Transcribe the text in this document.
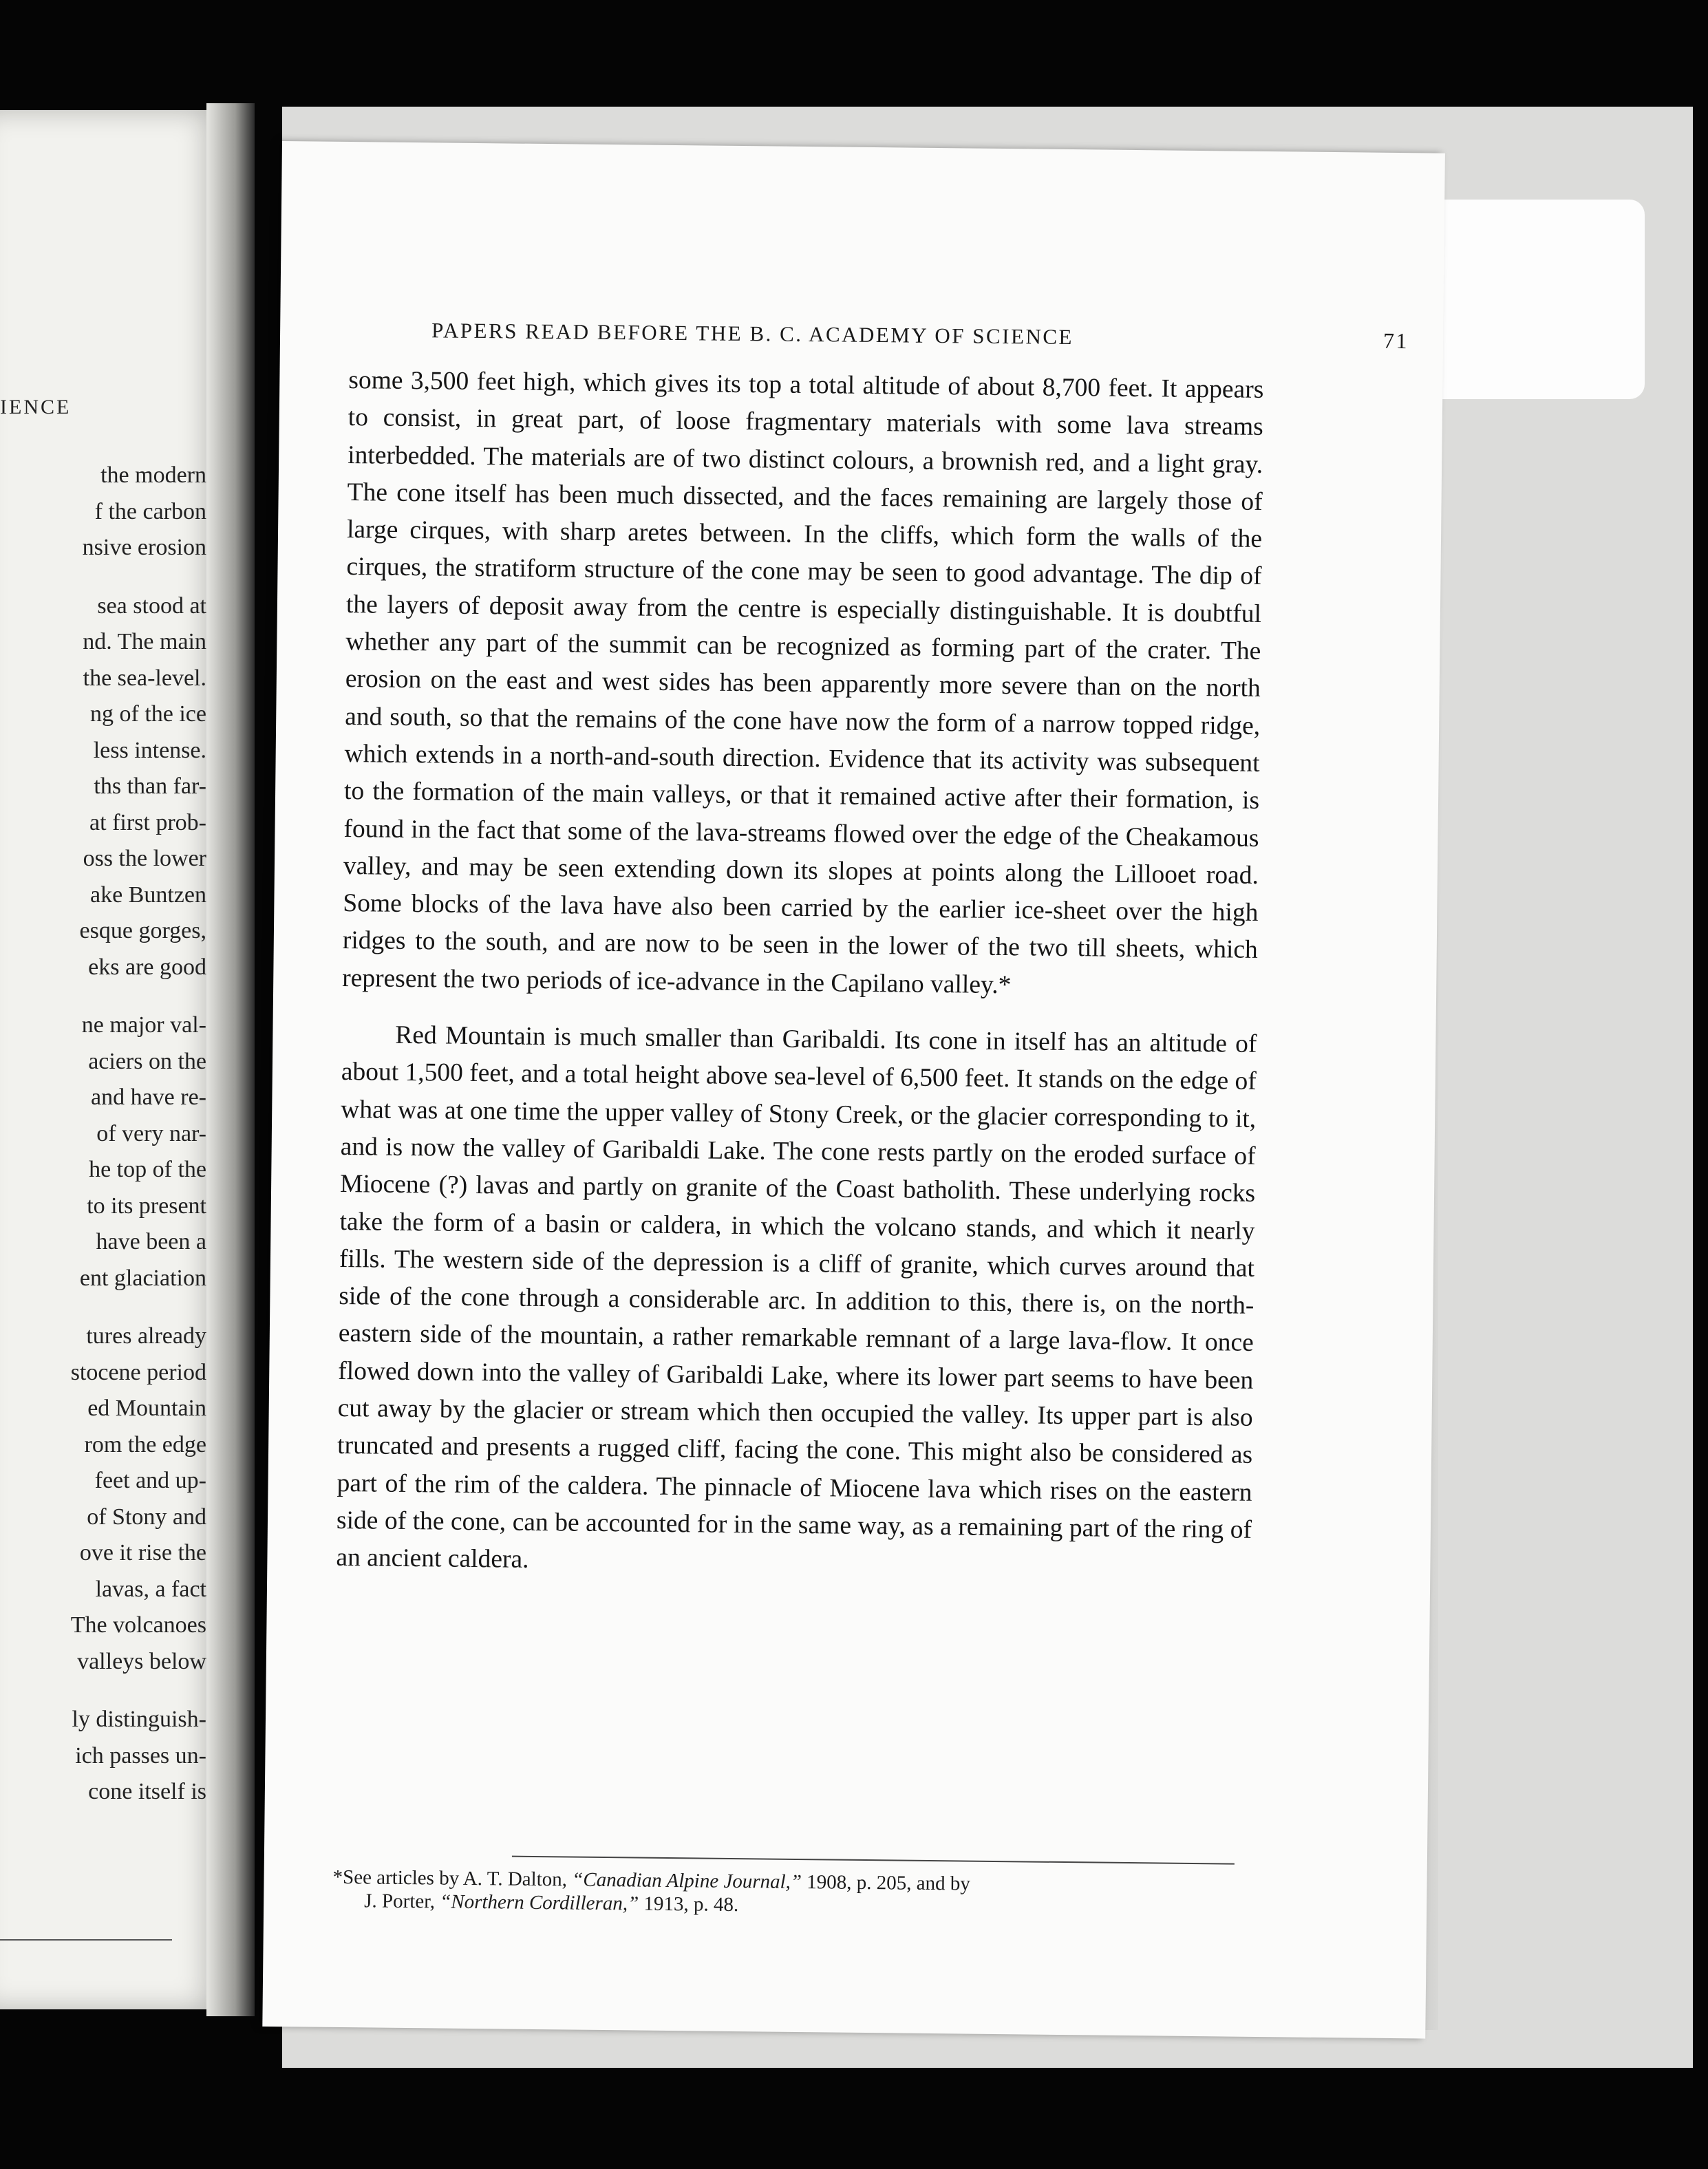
IENCE
the modern
f the carbon
nsive erosion
sea stood at
nd. The main
the sea-level.
ng of the ice
less intense.
ths than far-
at first prob-
oss the lower
ake Buntzen
esque gorges,
eks are good
ne major val-
aciers on the
and have re-
of very nar-
he top of the
to its present
have been a
ent glaciation
tures already
stocene period
ed Mountain
rom the edge
feet and up-
of Stony and
ove it rise the
lavas, a fact
The volcanoes
valleys below
ly distinguish-
ich passes un-
cone itself is
PAPERS READ BEFORE THE B. C. ACADEMY OF SCIENCE	71

some 3,500 feet high, which gives its top a total altitude of about 8,700 feet. It appears to consist, in great part, of loose fragmentary materials with some lava streams interbedded. The materials are of two distinct colours, a brownish red, and a light gray. The cone itself has been much dissected, and the faces remaining are largely those of large cirques, with sharp aretes between. In the cliffs, which form the walls of the cirques, the stratiform structure of the cone may be seen to good advantage. The dip of the layers of deposit away from the centre is especially distinguishable. It is doubtful whether any part of the summit can be recognized as forming part of the crater. The erosion on the east and west sides has been apparently more severe than on the north and south, so that the remains of the cone have now the form of a narrow topped ridge, which extends in a north-and-south direction. Evidence that its activity was subsequent to the formation of the main valleys, or that it remained active after their formation, is found in the fact that some of the lava-streams flowed over the edge of the Cheakamous valley, and may be seen extending down its slopes at points along the Lillooet road. Some blocks of the lava have also been carried by the earlier ice-sheet over the high ridges to the south, and are now to be seen in the lower of the two till sheets, which represent the two periods of ice-advance in the Capilano valley.*

Red Mountain is much smaller than Garibaldi. Its cone in itself has an altitude of about 1,500 feet, and a total height above sea-level of 6,500 feet. It stands on the edge of what was at one time the upper valley of Stony Creek, or the glacier corresponding to it, and is now the valley of Garibaldi Lake. The cone rests partly on the eroded surface of Miocene (?) lavas and partly on granite of the Coast batholith. These underlying rocks take the form of a basin or caldera, in which the volcano stands, and which it nearly fills. The western side of the depression is a cliff of granite, which curves around that side of the cone through a considerable arc. In addition to this, there is, on the north-eastern side of the mountain, a rather remarkable remnant of a large lava-flow. It once flowed down into the valley of Garibaldi Lake, where its lower part seems to have been cut away by the glacier or stream which then occupied the valley. Its upper part is also truncated and presents a rugged cliff, facing the cone. This might also be considered as part of the rim of the caldera. The pinnacle of Miocene lava which rises on the eastern side of the cone, can be accounted for in the same way, as a remaining part of the ring of an ancient caldera.

*See articles by A. T. Dalton, “Canadian Alpine Journal,” 1908, p. 205, and by
J. Porter, “Northern Cordilleran,” 1913, p. 48.
